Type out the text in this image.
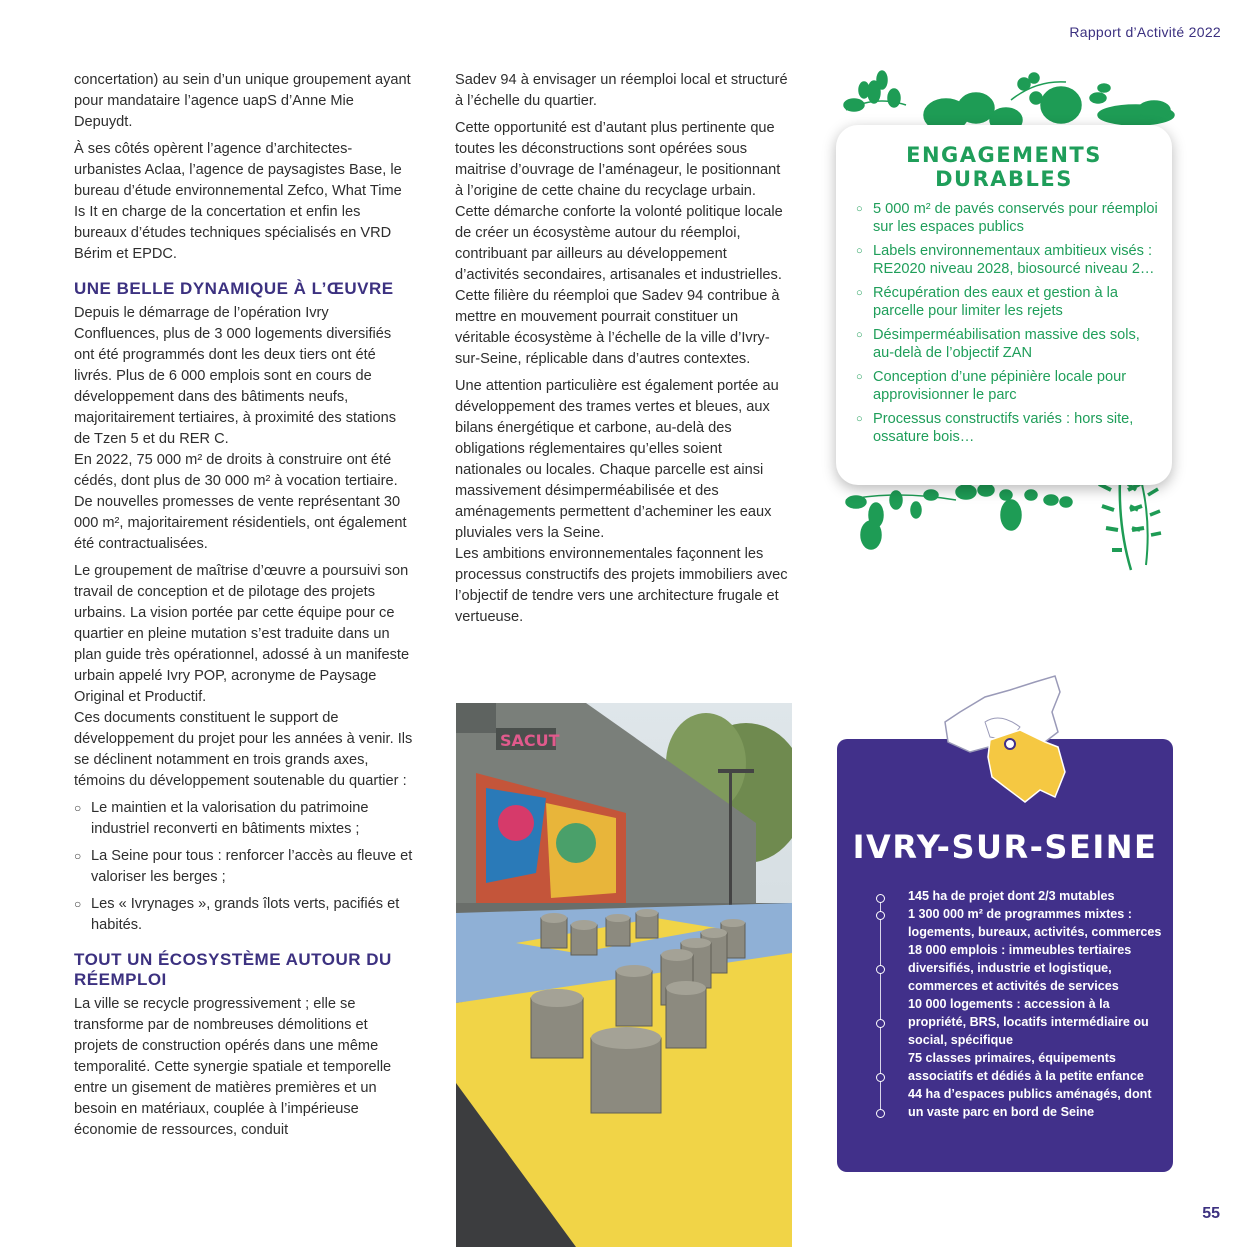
Rapport d’Activité 2022

concertation) au sein d’un unique groupement ayant pour mandataire l’agence uapS d’Anne Mie Depuydt.

À ses côtés opèrent l’agence d’architectes-urbanistes Aclaa, l’agence de paysagistes Base, le bureau d’étude environnemental Zefco, What Time Is It en charge de la concertation et enfin les bureaux d’études techniques spécialisés en VRD Bérim et EPDC.

UNE BELLE DYNAMIQUE À L’ŒUVRE

Depuis le démarrage de l’opération Ivry Confluences, plus de 3 000 logements diversifiés ont été programmés dont les deux tiers ont été livrés. Plus de 6 000 emplois sont en cours de développement dans des bâtiments neufs, majoritairement tertiaires, à proximité des stations de Tzen 5 et du RER C.

En 2022, 75 000 m² de droits à construire ont été cédés, dont plus de 30 000 m² à vocation tertiaire. De nouvelles promesses de vente représentant 30 000 m², majoritairement résidentiels, ont également été contractualisées.

Le groupement de maîtrise d’œuvre a poursuivi son travail de conception et de pilotage des projets urbains. La vision portée par cette équipe pour ce quartier en pleine mutation s’est traduite dans un plan guide très opérationnel, adossé à un manifeste urbain appelé Ivry POP, acronyme de Paysage Original et Productif.

Ces documents constituent le support de développement du projet pour les années à venir. Ils se déclinent notamment en trois grands axes, témoins du développement soutenable du quartier :

○ Le maintien et la valorisation du patrimoine industriel reconverti en bâtiments mixtes ;
○ La Seine pour tous : renforcer l’accès au fleuve et valoriser les berges ;
○ Les « Ivrynages », grands îlots verts, pacifiés et habités.
TOUT UN ÉCOSYSTÈME AUTOUR DU RÉEMPLOI

La ville se recycle progressivement ; elle se transforme par de nombreuses démolitions et projets de construction opérés dans une même temporalité. Cette synergie spatiale et temporelle entre un gisement de matières premières et un besoin en matériaux, couplée à l’impérieuse économie de ressources, conduit

Sadev 94 à envisager un réemploi local et structuré à l’échelle du quartier.

Cette opportunité est d’autant plus pertinente que toutes les déconstructions sont opérées sous maitrise d’ouvrage de l’aménageur, le positionnant à l’origine de cette chaine du recyclage urbain. Cette démarche conforte la volonté politique locale de créer un écosystème autour du réemploi, contribuant par ailleurs au développement d’activités secondaires, artisanales et industrielles. Cette filière du réemploi que Sadev 94 contribue à mettre en mouvement pourrait constituer un véritable écosystème à l’échelle de la ville d’Ivry-sur-Seine, réplicable dans d’autres contextes.

Une attention particulière est également portée au développement des trames vertes et bleues, aux bilans énergétique et carbone, au-delà des obligations réglementaires qu’elles soient nationales ou locales. Chaque parcelle est ainsi massivement désimperméabilisée et des aménagements permettent d’acheminer les eaux pluviales vers la Seine.

Les ambitions environnementales façonnent les processus constructifs des projets immobiliers avec l’objectif de tendre vers une architecture frugale et vertueuse.

ENGAGEMENTS
DURABLES
○ 5 000 m² de pavés conservés pour réemploi sur les espaces publics
○ Labels environnementaux ambitieux visés : RE2020 niveau 2028, biosourcé niveau 2…
○ Récupération des eaux et gestion à la parcelle pour limiter les rejets
○ Désimperméabilisation massive des sols, au-delà de l’objectif ZAN
○ Conception d’une pépinière locale pour approvisionner le parc
○ Processus constructifs variés : hors site, ossature bois…
SACUT
IVRY-SUR-SEINE
145 ha de projet dont 2/3 mutables
1 300 000 m² de programmes mixtes : logements, bureaux, activités, commerces
18 000 emplois : immeubles tertiaires diversifiés, industrie et logistique, commerces et activités de services
10 000 logements : accession à la propriété, BRS, locatifs intermédiaire ou social, spécifique
75 classes primaires, équipements associatifs et dédiés à la petite enfance
44 ha d’espaces publics aménagés, dont un vaste parc en bord de Seine
55
